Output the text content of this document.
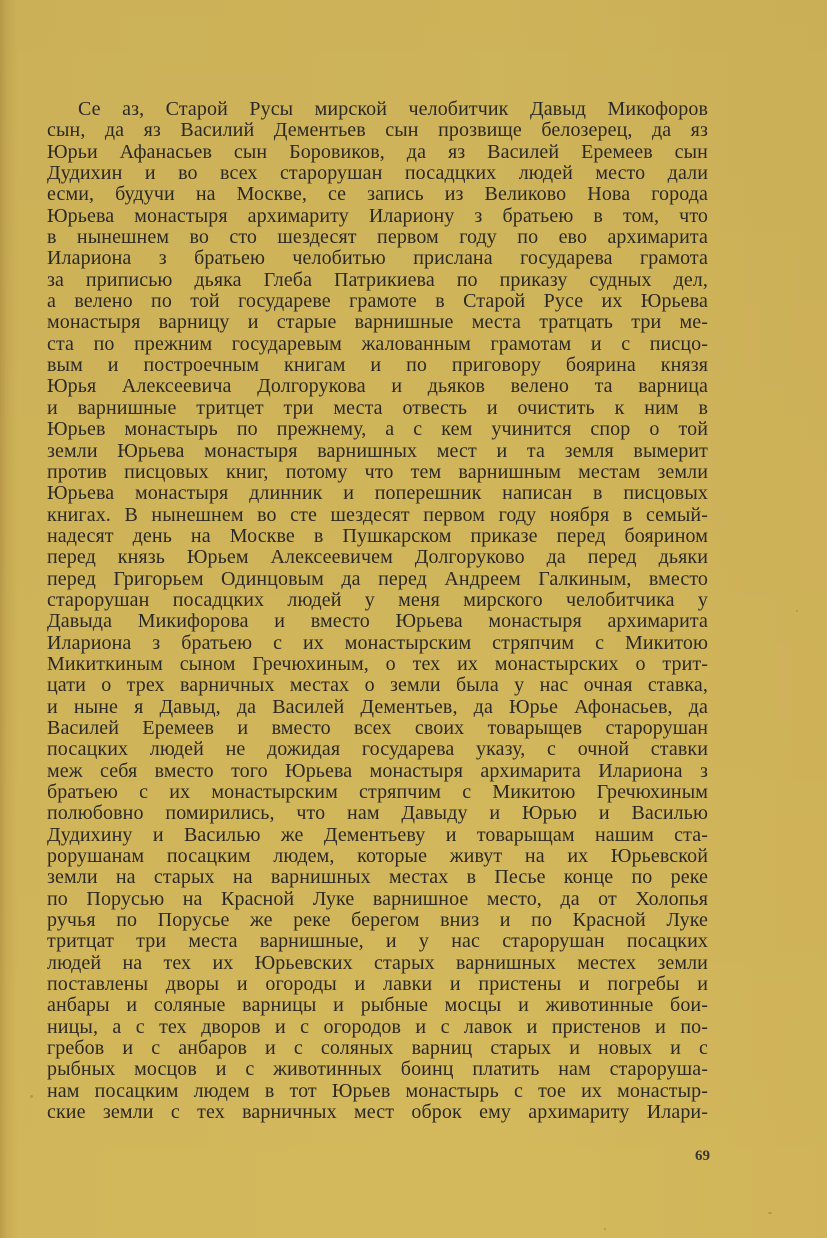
Се аз, Старой Русы мирской челобитчик Давыд Микофоров
сын, да яз Василий Дементьев сын прозвище белозерец, да яз
Юрьи Афанасьев сын Боровиков, да яз Василей Еремеев сын
Дудихин и во всех старорушан посадцких людей место дали
есми, будучи на Москве, се запись из Великово Нова города
Юрьева монастыря архимариту Илариону з братьею в том, что
в нынешнем во сто шездесят первом году по ево архимарита
Илариона з братьею челобитью прислана государева грамота
за приписью дьяка Глеба Патрикиева по приказу судных дел,
а велено по той государеве грамоте в Старой Русе их Юрьева
монастыря варницу и старые варнишные места тратцать три ме-
ста по прежним государевым жалованным грамотам и с писцо-
вым и построечным книгам и по приговору боярина князя
Юрья Алексеевича Долгорукова и дьяков велено та варница
и варнишные тритцет три места отвесть и очистить к ним в
Юрьев монастырь по прежнему, а с кем учинится спор о той
земли Юрьева монастыря варнишных мест и та земля вымерит
против писцовых книг, потому что тем варнишным местам земли
Юрьева монастыря длинник и поперешник написан в писцовых
книгах. В нынешнем во сте шездесят первом году ноября в семый-
надесят день на Москве в Пушкарском приказе перед боярином
перед князь Юрьем Алексеевичем Долгоруково да перед дьяки
перед Григорьем Одинцовым да перед Андреем Галкиным, вместо
старорушан посадцких людей у меня мирского челобитчика у
Давыда Микифорова и вместо Юрьева монастыря архимарита
Илариона з братьею с их монастырским стряпчим с Микитою
Микиткиным сыном Гречюхиным, о тех их монастырских о трит-
цати о трех варничных местах о земли была у нас очная ставка,
и ныне я Давыд, да Василей Дементьев, да Юрье Афонасьев, да
Василей Еремеев и вместо всех своих товарыщев старорушан
посацких людей не дожидая государева указу, с очной ставки
меж себя вместо того Юрьева монастыря архимарита Илариона з
братьею с их монастырским стряпчим с Микитою Гречюхиным
полюбовно помирились, что нам Давыду и Юрью и Василью
Дудихину и Василью же Дементьеву и товарыщам нашим ста-
рорушанам посацким людем, которые живут на их Юрьевской
земли на старых на варнишных местах в Песье конце по реке
по Порусью на Красной Луке варнишное место, да от Холопья
ручья по Порусье же реке берегом вниз и по Красной Луке
тритцат три места варнишные, и у нас старорушан посацких
людей на тех их Юрьевских старых варнишных местех земли
поставлены дворы и огороды и лавки и пристены и погребы и
анбары и соляные варницы и рыбные мосцы и животинные бои-
ницы, а с тех дворов и с огородов и с лавок и пристенов и по-
гребов и с анбаров и с соляных варниц старых и новых и с
рыбных мосцов и с животинных боинц платить нам старорушa-
нам посацким людем в тот Юрьев монастырь с тое их монастыр-
ские земли с тех варничных мест оброк ему архимариту Илари-
69
